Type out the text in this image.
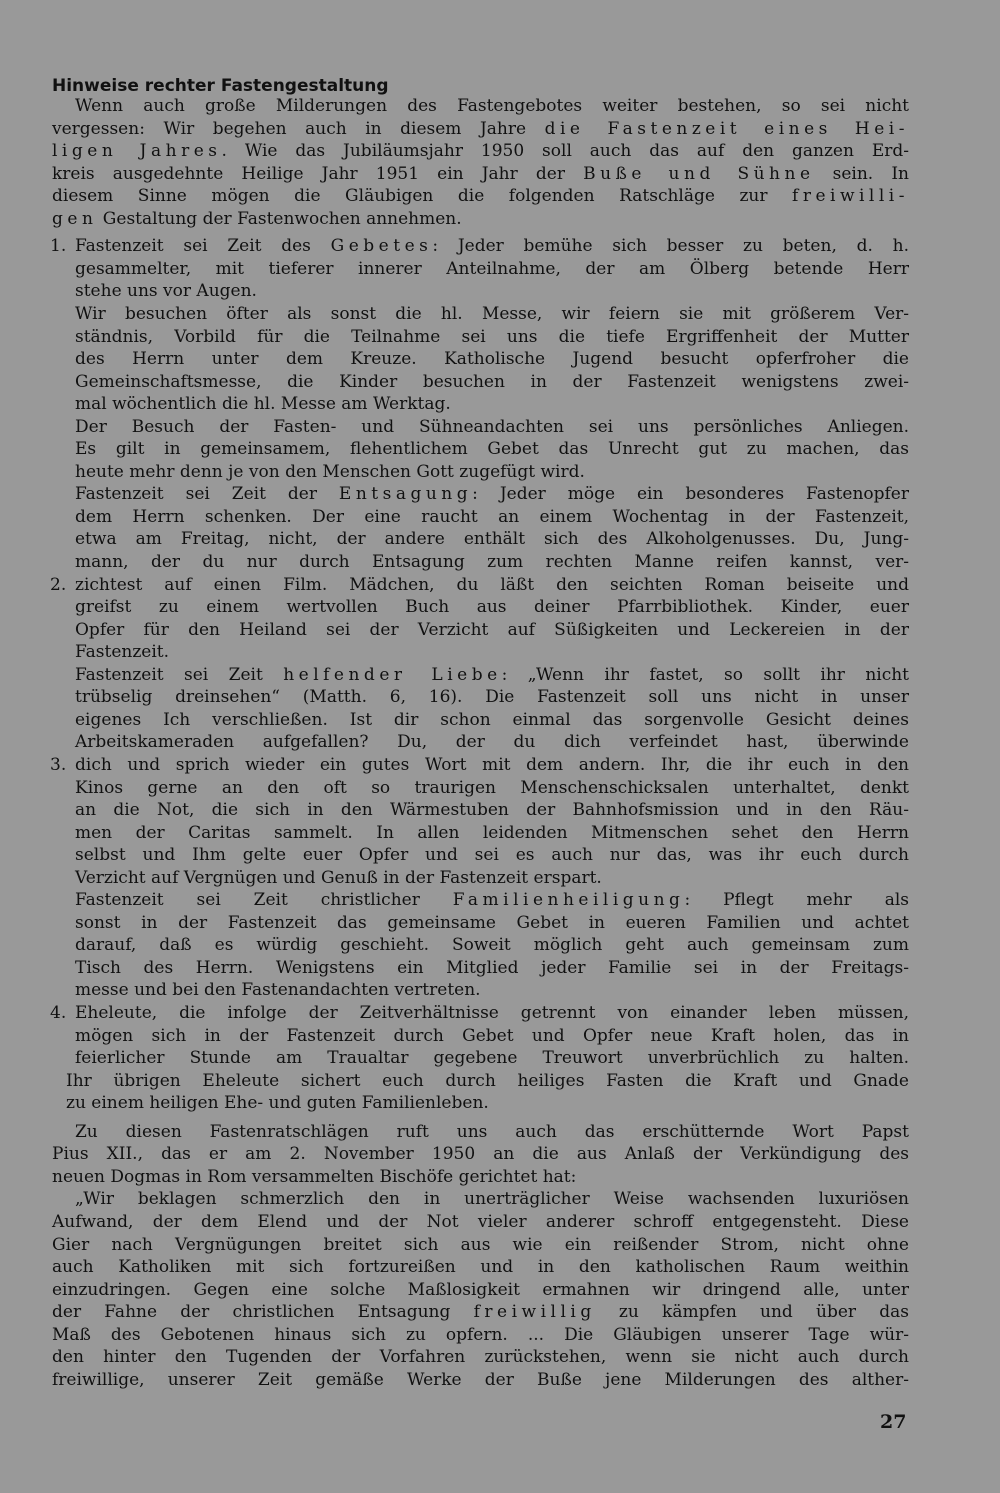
Hinweise rechter Fastengestaltung
Wenn auch große Milderungen des Fastengebotes weiter bestehen, so sei nicht
vergessen: Wir begehen auch in diesem Jahre die Fastenzeit eines Hei-
ligen Jahres. Wie das Jubiläumsjahr 1950 soll auch das auf den ganzen Erd-
kreis ausgedehnte Heilige Jahr 1951 ein Jahr der Buße und Sühne sein. In
diesem Sinne mögen die Gläubigen die folgenden Ratschläge zur freiwilli-
gen Gestaltung der Fastenwochen annehmen.
Fastenzeit sei Zeit des Gebetes: Jeder bemühe sich besser zu beten, d. h.
gesammelter, mit tieferer innerer Anteilnahme, der am Ölberg betende Herr
stehe uns vor Augen.
Wir besuchen öfter als sonst die hl. Messe, wir feiern sie mit größerem Ver-
ständnis, Vorbild für die Teilnahme sei uns die tiefe Ergriffenheit der Mutter
des Herrn unter dem Kreuze. Katholische Jugend besucht opferfroher die
Gemeinschaftsmesse, die Kinder besuchen in der Fastenzeit wenigstens zwei-
mal wöchentlich die hl. Messe am Werktag.
Der Besuch der Fasten- und Sühneandachten sei uns persönliches Anliegen.
Es gilt in gemeinsamem, flehentlichem Gebet das Unrecht gut zu machen, das
heute mehr denn je von den Menschen Gott zugefügt wird.
Fastenzeit sei Zeit der Entsagung: Jeder möge ein besonderes Fastenopfer
dem Herrn schenken. Der eine raucht an einem Wochentag in der Fastenzeit,
etwa am Freitag, nicht, der andere enthält sich des Alkoholgenusses. Du, Jung-
mann, der du nur durch Entsagung zum rechten Manne reifen kannst, ver-
zichtest auf einen Film. Mädchen, du läßt den seichten Roman beiseite und
greifst zu einem wertvollen Buch aus deiner Pfarrbibliothek. Kinder, euer
Opfer für den Heiland sei der Verzicht auf Süßigkeiten und Leckereien in der
Fastenzeit.
Fastenzeit sei Zeit helfender Liebe: „Wenn ihr fastet, so sollt ihr nicht
trübselig dreinsehen“ (Matth. 6, 16). Die Fastenzeit soll uns nicht in unser
eigenes Ich verschließen. Ist dir schon einmal das sorgenvolle Gesicht deines
Arbeitskameraden aufgefallen? Du, der du dich verfeindet hast, überwinde
dich und sprich wieder ein gutes Wort mit dem andern. Ihr, die ihr euch in den
Kinos gerne an den oft so traurigen Menschenschicksalen unterhaltet, denkt
an die Not, die sich in den Wärmestuben der Bahnhofsmission und in den Räu-
men der Caritas sammelt. In allen leidenden Mitmenschen sehet den Herrn
selbst und Ihm gelte euer Opfer und sei es auch nur das, was ihr euch durch
Verzicht auf Vergnügen und Genuß in der Fastenzeit erspart.
Fastenzeit sei Zeit christlicher Familienheiligung: Pflegt mehr als
sonst in der Fastenzeit das gemeinsame Gebet in eueren Familien und achtet
darauf, daß es würdig geschieht. Soweit möglich geht auch gemeinsam zum
Tisch des Herrn. Wenigstens ein Mitglied jeder Familie sei in der Freitags-
messe und bei den Fastenandachten vertreten.
Eheleute, die infolge der Zeitverhältnisse getrennt von einander leben müssen,
mögen sich in der Fastenzeit durch Gebet und Opfer neue Kraft holen, das in
feierlicher Stunde am Traualtar gegebene Treuwort unverbrüchlich zu halten.
Ihr übrigen Eheleute sichert euch durch heiliges Fasten die Kraft und Gnade
zu einem heiligen Ehe- und guten Familienleben.
Zu diesen Fastenratschlägen ruft uns auch das erschütternde Wort Papst
Pius XII., das er am 2. November 1950 an die aus Anlaß der Verkündigung des
neuen Dogmas in Rom versammelten Bischöfe gerichtet hat:
„Wir beklagen schmerzlich den in unerträglicher Weise wachsenden luxuriösen
Aufwand, der dem Elend und der Not vieler anderer schroff entgegensteht. Diese
Gier nach Vergnügungen breitet sich aus wie ein reißender Strom, nicht ohne
auch Katholiken mit sich fortzureißen und in den katholischen Raum weithin
einzudringen. Gegen eine solche Maßlosigkeit ermahnen wir dringend alle, unter
der Fahne der christlichen Entsagung freiwillig zu kämpfen und über das
Maß des Gebotenen hinaus sich zu opfern. ... Die Gläubigen unserer Tage wür-
den hinter den Tugenden der Vorfahren zurückstehen, wenn sie nicht auch durch
freiwillige, unserer Zeit gemäße Werke der Buße jene Milderungen des alther-
1.
2.
3.
4.
27
